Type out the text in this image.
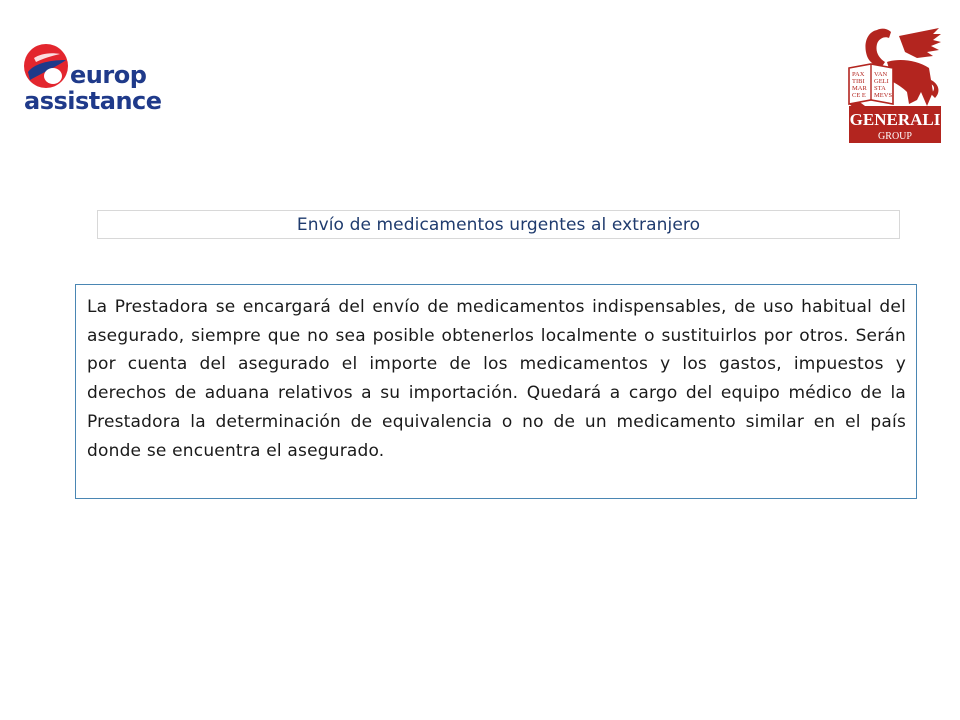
europ
assistance
PAX
TIBI
MAR
CE E
VAN
GELI
STA
MEVS
GENERALI
GROUP
Envío de medicamentos urgentes al extranjero

La Prestadora se encargará del envío de medicamentos indispensables, de uso habitual del asegurado, siempre que no sea posible obtenerlos localmente o sustituirlos por otros. Serán por cuenta del asegurado el importe de los medicamentos y los gastos, impuestos y derechos de aduana relativos a su importación. Quedará a cargo del equipo médico de la Prestadora la determinación de equivalencia o no de un medicamento similar en el país donde se encuentra el asegurado.
